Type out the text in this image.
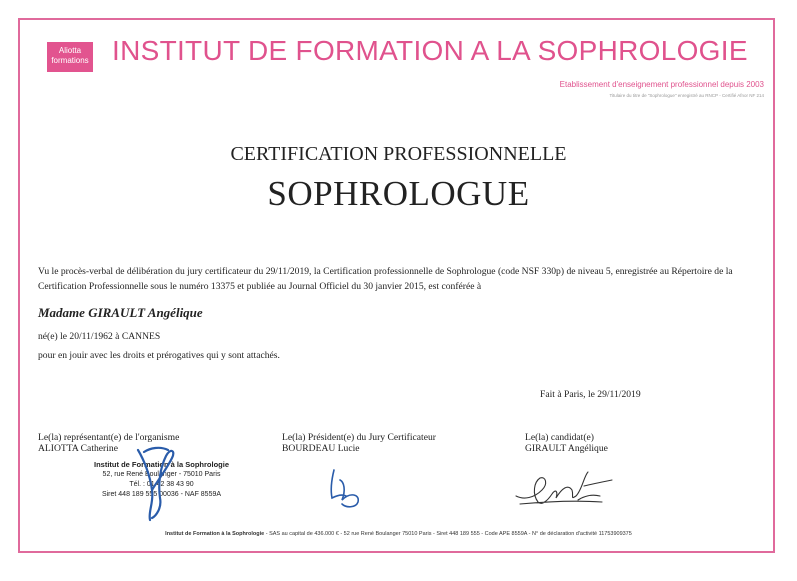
Aliotta
formations INSTITUT DE FORMATION A LA SOPHROLOGIE
Etablissement d'enseignement professionnel depuis 2003
Titulaire du titre de "Sophrologue" enregistré au RNCP - Certifié Afnor NF 214
CERTIFICATION PROFESSIONNELLE
SOPHROLOGUE
Vu le procès-verbal de délibération du jury certificateur du 29/11/2019, la Certification professionnelle de Sophrologue (code NSF 330p) de niveau 5, enregistrée au Répertoire de la Certification Professionnelle sous le numéro 13375 et publiée au Journal Officiel du 30 janvier 2015, est conférée à
Madame GIRAULT Angélique
né(e) le 20/11/1962 à CANNES
pour en jouir avec les droits et prérogatives qui y sont attachés.
Fait à Paris, le 29/11/2019
Le(la) représentant(e) de l'organisme
ALIOTTA Catherine
Le(la) Président(e) du Jury Certificateur
BOURDEAU Lucie
Le(la) candidat(e)
GIRAULT Angélique
Institut de Formation à la Sophrologie
52, rue René Boulanger - 75010 Paris
Tél. : 01 42 38 43 90
Siret 448 189 555 00036 - NAF 8559A
Institut de Formation à la Sophrologie - SAS au capital de 436.000 € - 52 rue René Boulanger 75010 Paris - Siret 448 189 555 - Code APE 8559A - N° de déclaration d'activité 11753909375
